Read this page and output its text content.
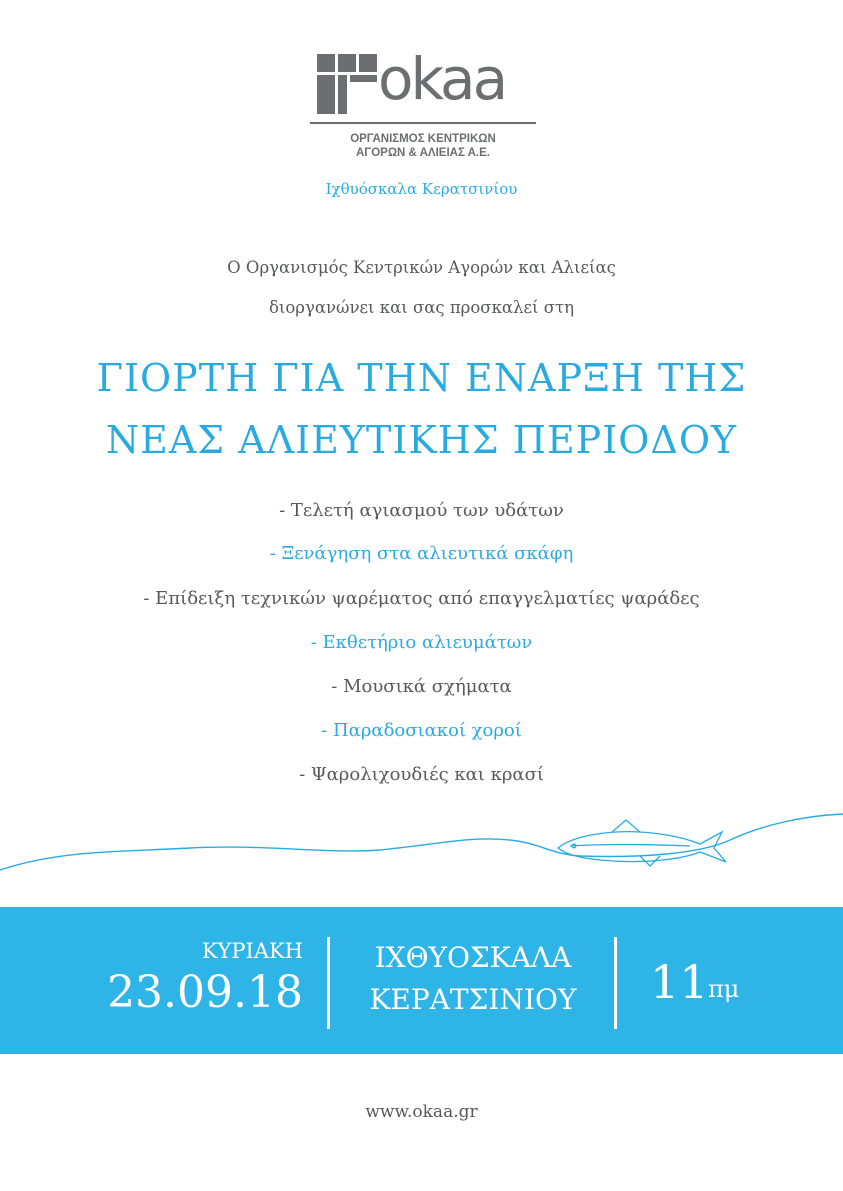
okaa
ΟΡΓΑΝΙΣΜΟΣ ΚΕΝΤΡΙΚΩΝ
ΑΓΟΡΩΝ & ΑΛΙΕΙΑΣ Α.Ε.
Ιχθυόσκαλα Κερατσινίου
Ο Οργανισμός Κεντρικών Αγορών και Αλιείας
διοργανώνει και σας προσκαλεί στη
ΓΙΟΡΤΗ ΓΙΑ ΤΗΝ ΕΝΑΡΞΗ ΤΗΣ
ΝΕΑΣ ΑΛΙΕΥΤΙΚΗΣ ΠΕΡΙΟΔΟΥ
- Τελετή αγιασμού των υδάτων
- Ξενάγηση στα αλιευτικά σκάφη
- Επίδειξη τεχνικών ψαρέματος από επαγγελματίες ψαράδες
- Εκθετήριο αλιευμάτων
- Μουσικά σχήματα
- Παραδοσιακοί χοροί
- Ψαρολιχουδιές και κρασί
ΚΥΡΙΑΚΗ
23.09.18
ΙΧΘΥΟΣΚΑΛΑ
ΚΕΡΑΤΣΙΝΙΟΥ	11 πμ
www.okaa.gr
